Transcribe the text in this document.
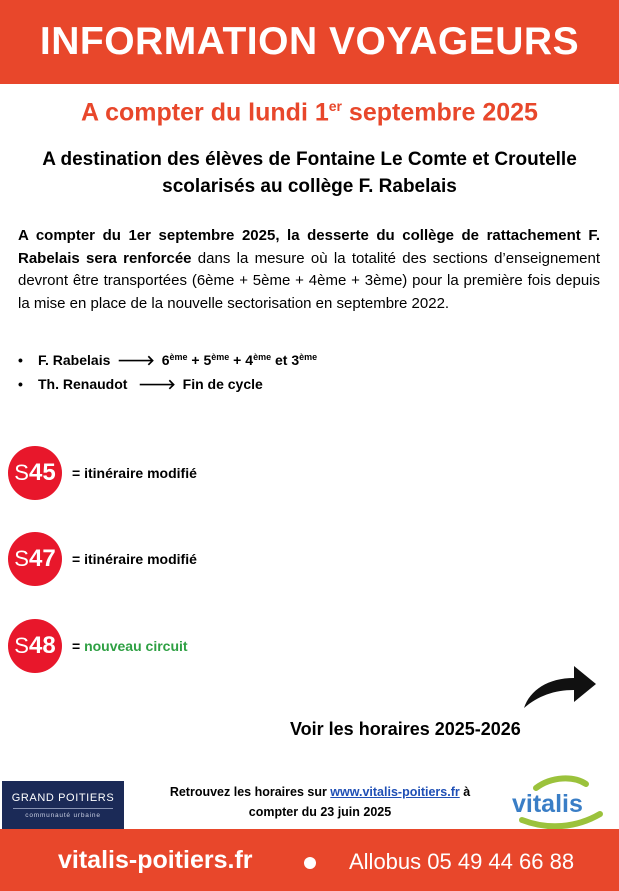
INFORMATION VOYAGEURS
A compter du lundi 1er septembre 2025
A destination des élèves de Fontaine Le Comte et Croutelle
scolarisés au collège F. Rabelais

A compter du 1er septembre 2025, la desserte du collège de rattachement F. Rabelais sera renforcée dans la mesure où la totalité des sections d’enseignement devront être transportées (6ème + 5ème + 4ème + 3ème) pour la première fois depuis la mise en place de la nouvelle sectorisation en septembre 2022.

•	F. Rabelais
🡒
6ème + 5ème + 4ème et 3ème
•	Th. Renaudot
🡒
Fin de cycle
S 45 = itinéraire modifié
S 47 = itinéraire modifié
S 48 = nouveau circuit
Voir les horaires 2025-2026
GRAND POITIERS
communauté urbaine
Retrouvez les horaires sur www.vitalis-poitiers.fr à
compter du 23 juin 2025	vitalis
vitalis-poitiers.fr	Allobus 05 49 44 66 88
